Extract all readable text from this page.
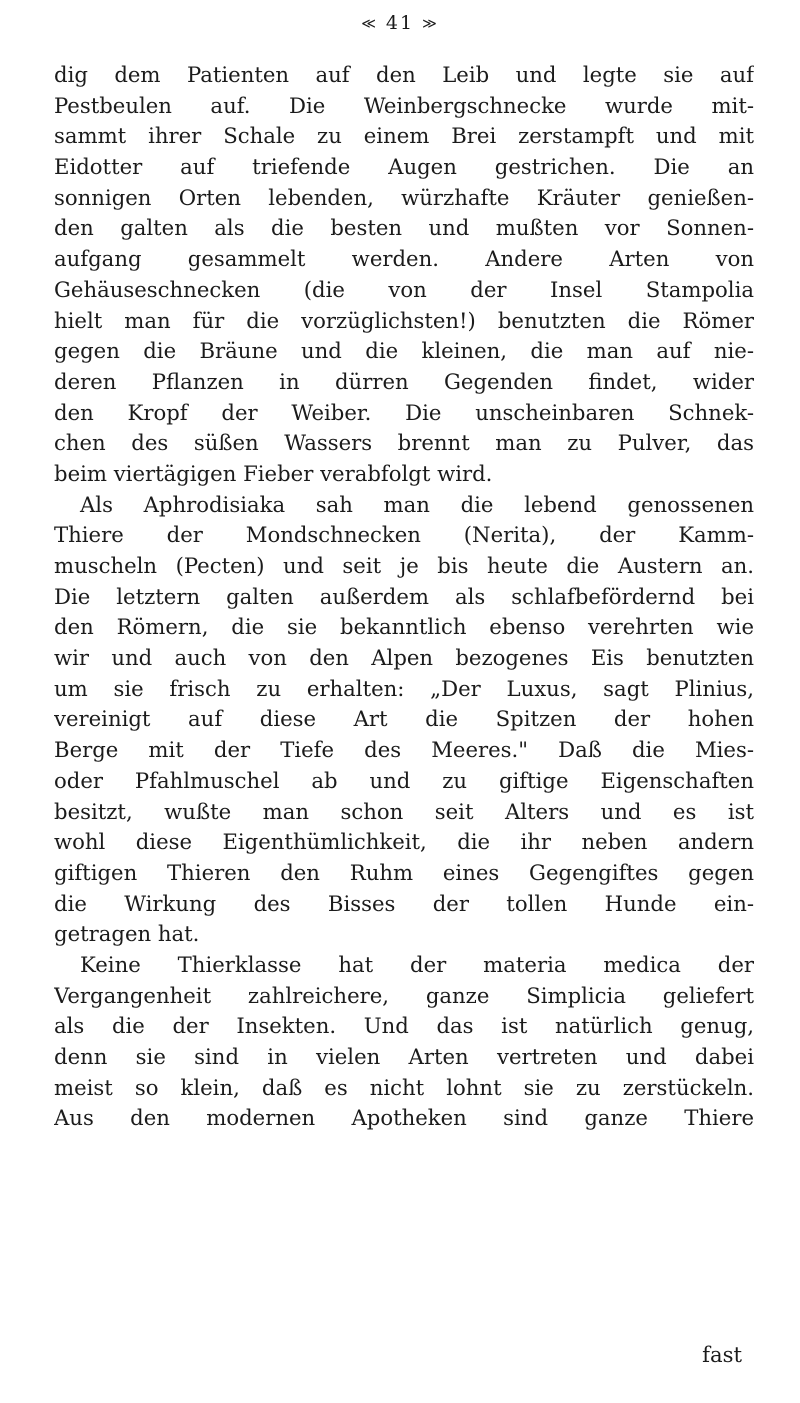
≪ 41 ≫
dig dem Patienten auf den Leib und legte sie auf
Pestbeulen auf. Die Weinbergschnecke wurde mit-
sammt ihrer Schale zu einem Brei zerstampft und mit
Eidotter auf triefende Augen gestrichen. Die an
sonnigen Orten lebenden, würzhafte Kräuter genießen-
den galten als die besten und mußten vor Sonnen-
aufgang gesammelt werden. Andere Arten von
Gehäuseschnecken (die von der Insel Stampolia
hielt man für die vorzüglichsten!) benutzten die Römer
gegen die Bräune und die kleinen, die man auf nie-
deren Pflanzen in dürren Gegenden findet, wider
den Kropf der Weiber. Die unscheinbaren Schnek-
chen des süßen Wassers brennt man zu Pulver, das
beim viertägigen Fieber verabfolgt wird.
Als Aphrodisiaka sah man die lebend genossenen
Thiere der Mondschnecken (Nerita), der Kamm-
muscheln (Pecten) und seit je bis heute die Austern an.
Die letztern galten außerdem als schlafbefördernd bei
den Römern, die sie bekanntlich ebenso verehrten wie
wir und auch von den Alpen bezogenes Eis benutzten
um sie frisch zu erhalten: „Der Luxus, sagt Plinius,
vereinigt auf diese Art die Spitzen der hohen
Berge mit der Tiefe des Meeres." Daß die Mies-
oder Pfahlmuschel ab und zu giftige Eigenschaften
besitzt, wußte man schon seit Alters und es ist
wohl diese Eigenthümlichkeit, die ihr neben andern
giftigen Thieren den Ruhm eines Gegengiftes gegen
die Wirkung des Bisses der tollen Hunde ein-
getragen hat.
Keine Thierklasse hat der materia medica der
Vergangenheit zahlreichere, ganze Simplicia geliefert
als die der Insekten. Und das ist natürlich genug,
denn sie sind in vielen Arten vertreten und dabei
meist so klein, daß es nicht lohnt sie zu zerstückeln.
Aus den modernen Apotheken sind ganze Thiere
fast
